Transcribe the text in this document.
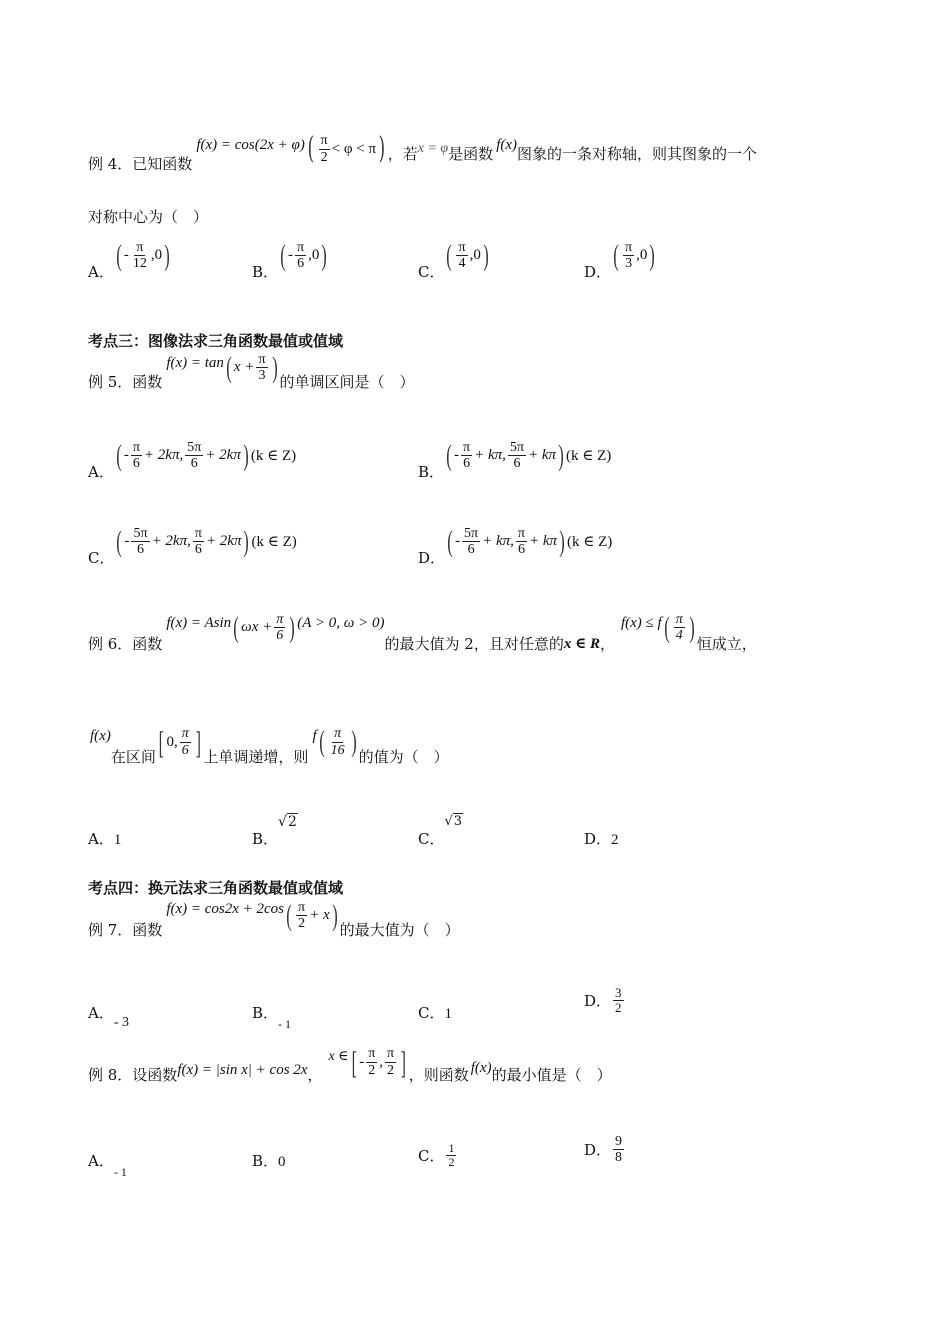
例 4．已知函数
f(x) = cos(2x + φ) ( $\frac{\pi}{2} < \varphi < \pi$ ) ，若 x = φ 是函数 f(x) 图象的一条对称轴，则其图象的一个
对称中心为（　）
A．
( - $\frac{\pi}{12} ,0$ )
B．
( - $\frac{\pi}{6} ,0$ )
C．
( $\frac{\pi}{4} ,0$ )
D．
( $\frac{\pi}{3} ,0$ )
考点三：图像法求三角函数最值或值域
例 5．函数
f(x) = tan ( $x + \frac{\pi}{3}$ ) 的单调区间是（　）
A．
( - $\frac{\pi}{6} + 2k\pi$, $\frac{5\pi}{6} + 2k\pi$ ) (k ∈ Z)
B．
( - $\frac{\pi}{6} + k\pi$, $\frac{5\pi}{6} + k\pi$ ) (k ∈ Z)
C．
( - $\frac{5\pi}{6} + 2k\pi$, $\frac{\pi}{6} + 2k\pi$ ) (k ∈ Z)
D．
( - $\frac{5\pi}{6} + k\pi$, $\frac{\pi}{6} + k\pi$ ) (k ∈ Z)
例 6．函数
f(x) = Asin ( $\omega x + \frac{\pi}{6}$ ) (A > 0, ω > 0)
的最大值为 2，且对任意的 x ∈ R ，
f(x) ≤ f ( $\frac{\pi}{4}$ )
恒成立，
f(x)
在区间 [ 0, $\frac{\pi}{6}$ ] 上单调递增，则
f ( $\frac{\pi}{16}$ ) 的值为（　）
A．1	B．
√2
C．
√3
D．2
考点四：换元法求三角函数最值或值域
例 7．函数
f(x) = cos2x + 2cos ( $\frac{\pi}{2} + x$ ) 的最大值为（　）
A．- 3
B．$_{- 1}$
C．1
D． $\frac{3}{2}$
例 8．设函数 f(x) = |sin x| + cos 2x ，
x ∈ [ - $\frac{\pi}{2}$ , $\frac{\pi}{2}$ ] ，则函数 f(x) 的最小值是（　）
A．$_{- 1}$
B．0	C． $\frac{1}{2}$	D． $\frac{9}{8}$
